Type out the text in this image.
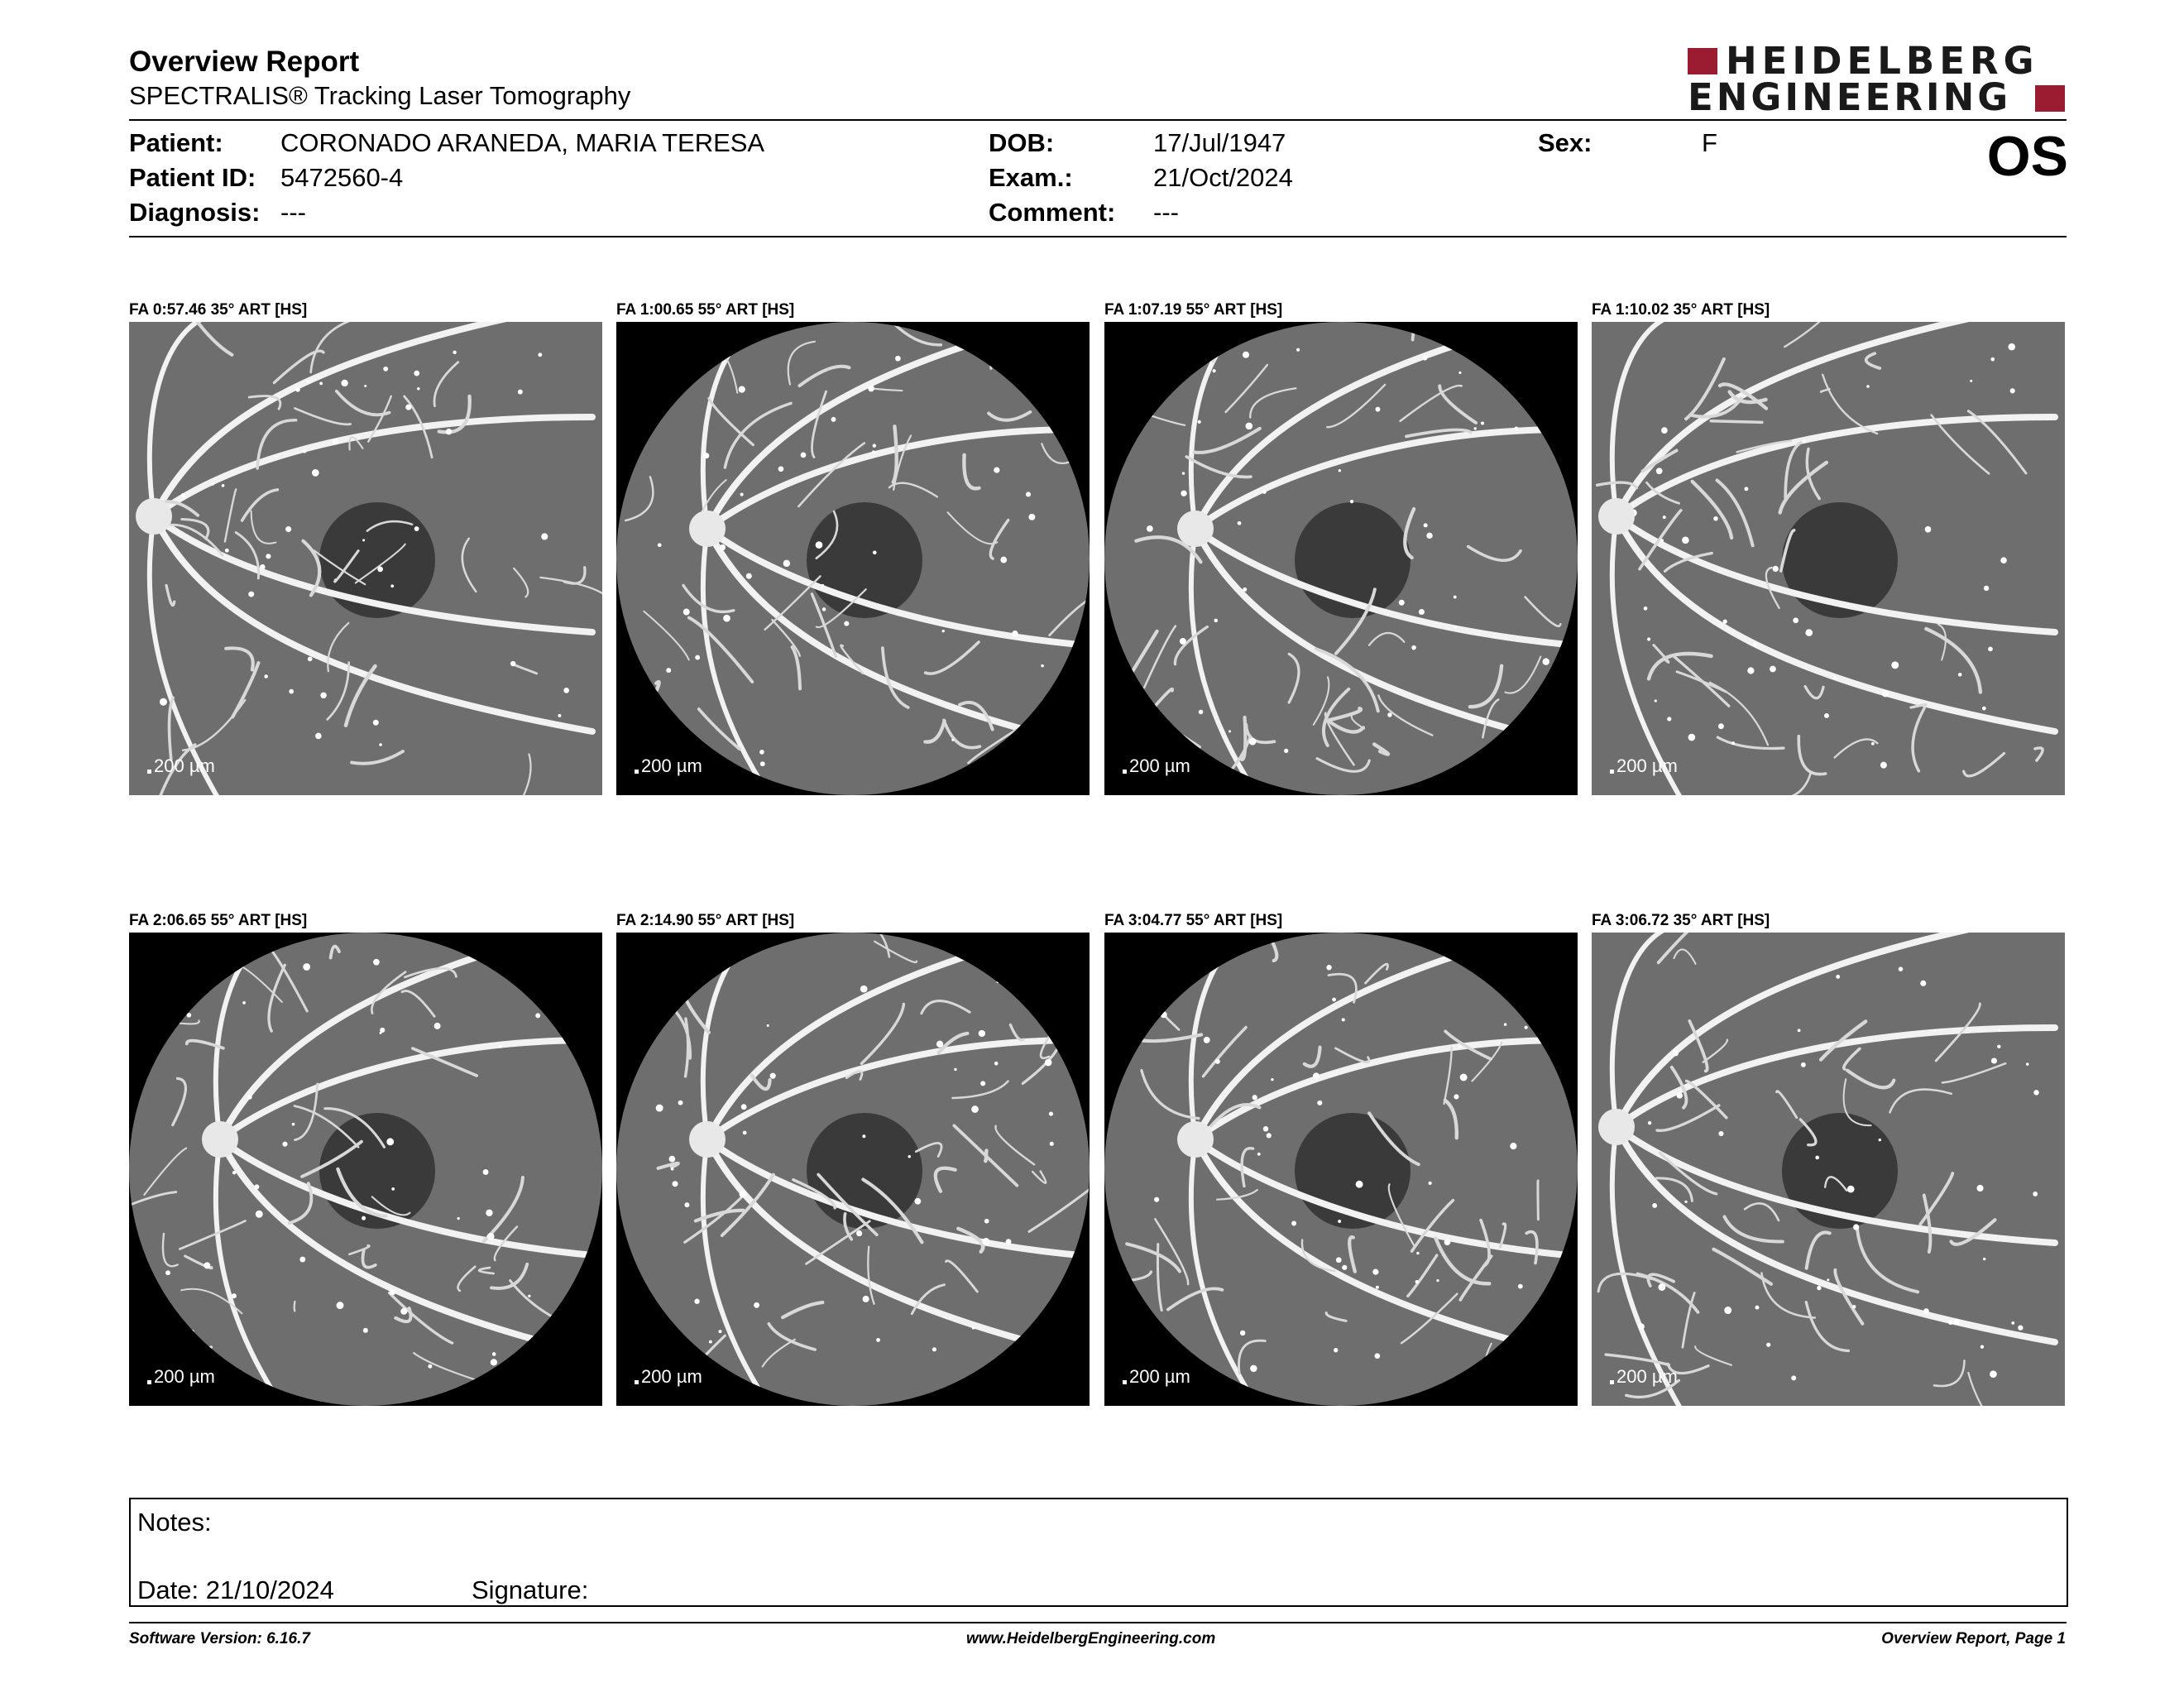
Overview Report
SPECTRALIS® Tracking Laser Tomography
HEIDELBERG
ENGINEERING
Patient: CORONADO ARANEDA, MARIA TERESA
Patient ID: 5472560-4
Diagnosis: ---
DOB:	17/Jul/1947
Exam.:	21/Oct/2024
Comment: ---
Sex:	F	OS
FA 0:57.46 35° ART [HS]
200 µm
FA 1:00.65 55° ART [HS]
200 µm
FA 1:07.19 55° ART [HS]
200 µm
FA 1:10.02 35° ART [HS]
200 µm
FA 2:06.65 55° ART [HS]
200 µm
FA 2:14.90 55° ART [HS]
200 µm
FA 3:04.77 55° ART [HS]
200 µm
FA 3:06.72 35° ART [HS]
200 µm
Notes:
Date: 21/10/2024	Signature:
Software Version: 6.16.7	www.HeidelbergEngineering.com	Overview Report, Page 1
